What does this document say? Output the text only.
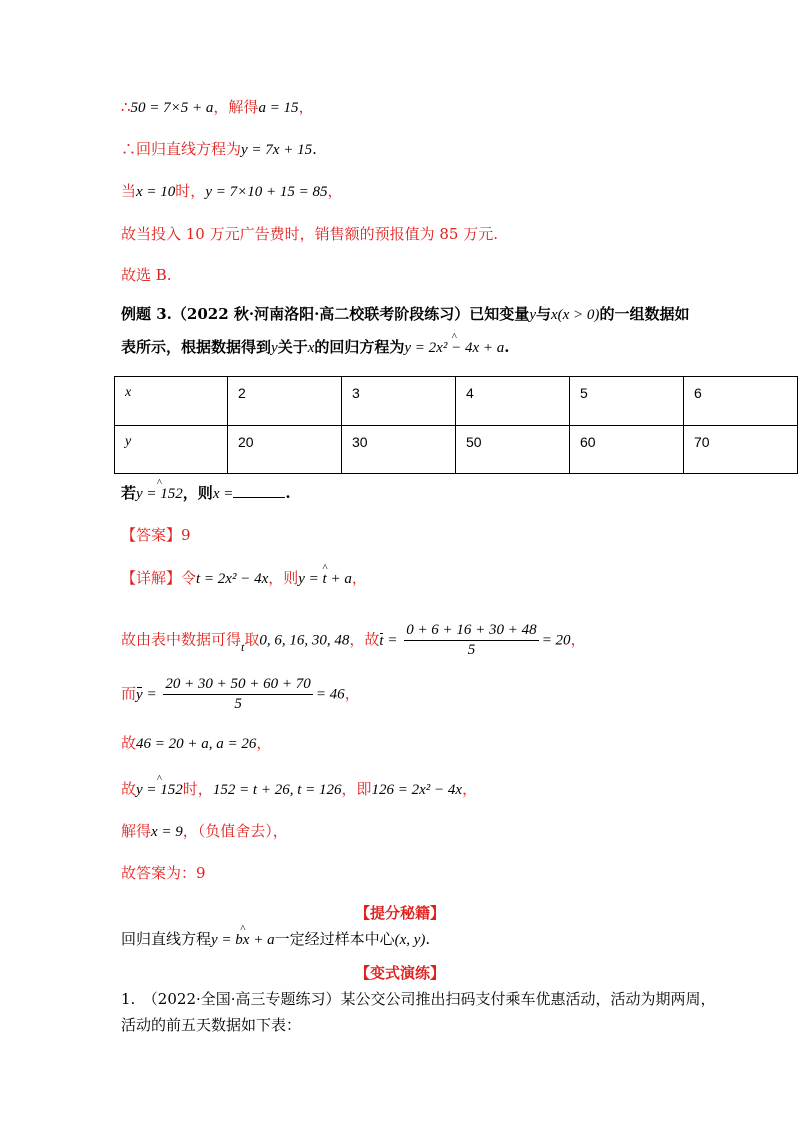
∴50 = 7×5 + a，解得a = 15，
∴回归直线方程为y = 7x + 15.
当x = 10时，y = 7×10 + 15 = 85，
故当投入 10 万元广告费时，销售额的预报值为 85 万元.
故选 B.
例题 3.（2022 秋·河南洛阳·高二校联考阶段练习）已知变量y与x(x > 0)的一组数据如
表所示，根据数据得到y关于x的回归方程为^ y = 2x² − 4x + a.
x	2	3	4	5	6
y	20	30	50	60	70
若^ y = 152，则x =	.
【答案】9
【详解】令t = 2x² − 4x，则^ y = t + a，
故由表中数据可得$_t$取0, 6, 16, 30, 48，故$t = \frac{0 + 6 + 16 + 30 + 48}{5} = 20$，
而$y = \frac{20 + 30 + 50 + 60 + 70}{5} = 46$，
故46 = 20 + a, a = 26，
故^ y = 152时，152 = t + 26, t = 126，即126 = 2x² − 4x，
解得x = 9，（负值舍去），
故答案为：9
【提分秘籍】
回归直线方程^ y = bx + a一定经过样本中心(x, y).
【变式演练】
1.　（2022·全国·高三专题练习）某公交公司推出扫码支付乘车优惠活动，活动为期两周，
活动的前五天数据如下表：
